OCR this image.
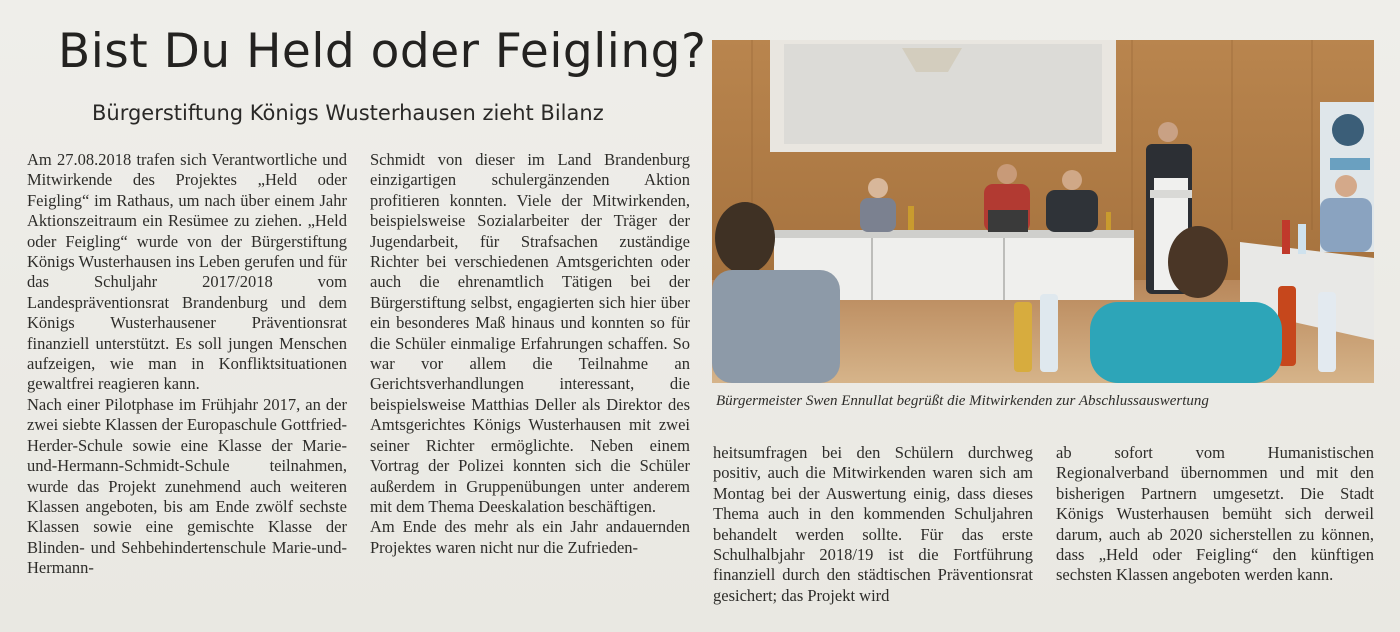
Bist Du Held oder Feigling?
Bürgerstiftung Königs Wusterhausen zieht Bilanz

Am 27.08.2018 trafen sich Verantwortliche und Mitwirkende des Projektes „Held oder Feigling“ im Rathaus, um nach über einem Jahr Aktionszeitraum ein Resümee zu ziehen. „Held oder Feigling“ wurde von der Bürgerstiftung Königs Wusterhausen ins Leben gerufen und für das Schuljahr 2017/2018 vom Landespräventionsrat Brandenburg und dem Königs Wusterhausener Präventionsrat finanziell unterstützt. Es soll jungen Menschen aufzeigen, wie man in Konfliktsituationen gewaltfrei reagieren kann.

Nach einer Pilotphase im Frühjahr 2017, an der zwei siebte Klassen der Europaschule Gottfried-Herder-Schule sowie eine Klasse der Marie-und-Hermann-Schmidt-Schule teilnahmen, wurde das Projekt zunehmend auch weiteren Klassen angeboten, bis am Ende zwölf sechste Klassen sowie eine gemischte Klasse der Blinden- und Sehbehindertenschule Marie-und-Hermann-

Schmidt von dieser im Land Brandenburg einzigartigen schulergänzenden Aktion profitieren konnten. Viele der Mitwirkenden, beispielsweise Sozialarbeiter der Träger der Jugendarbeit, für Strafsachen zuständige Richter bei verschiedenen Amtsgerichten oder auch die ehrenamtlich Tätigen bei der Bürgerstiftung selbst, engagierten sich hier über ein besonderes Maß hinaus und konnten so für die Schüler einmalige Erfahrungen schaffen. So war vor allem die Teilnahme an Gerichtsverhandlungen interessant, die beispielsweise Matthias Deller als Direktor des Amtsgerichtes Königs Wusterhausen mit zwei seiner Richter ermöglichte. Neben einem Vortrag der Polizei konnten sich die Schüler außerdem in Gruppenübungen unter anderem mit dem Thema Deeskalation beschäftigen.

Am Ende des mehr als ein Jahr andauernden Projektes waren nicht nur die Zufrieden-

heitsumfragen bei den Schülern durchweg positiv, auch die Mitwirkenden waren sich am Montag bei der Auswertung einig, dass dieses Thema auch in den kommenden Schuljahren behandelt werden sollte. Für das erste Schulhalbjahr 2018/19 ist die Fortführung finanziell durch den städtischen Präventionsrat gesichert; das Projekt wird

ab sofort vom Humanistischen Regionalverband übernommen und mit den bisherigen Partnern umgesetzt. Die Stadt Königs Wusterhausen bemüht sich derweil darum, auch ab 2020 sicherstellen zu können, dass „Held oder Feigling“ den künftigen sechsten Klassen angeboten werden kann.

Bürgermeister Swen Ennullat begrüßt die Mitwirkenden zur Abschlussauswertung
